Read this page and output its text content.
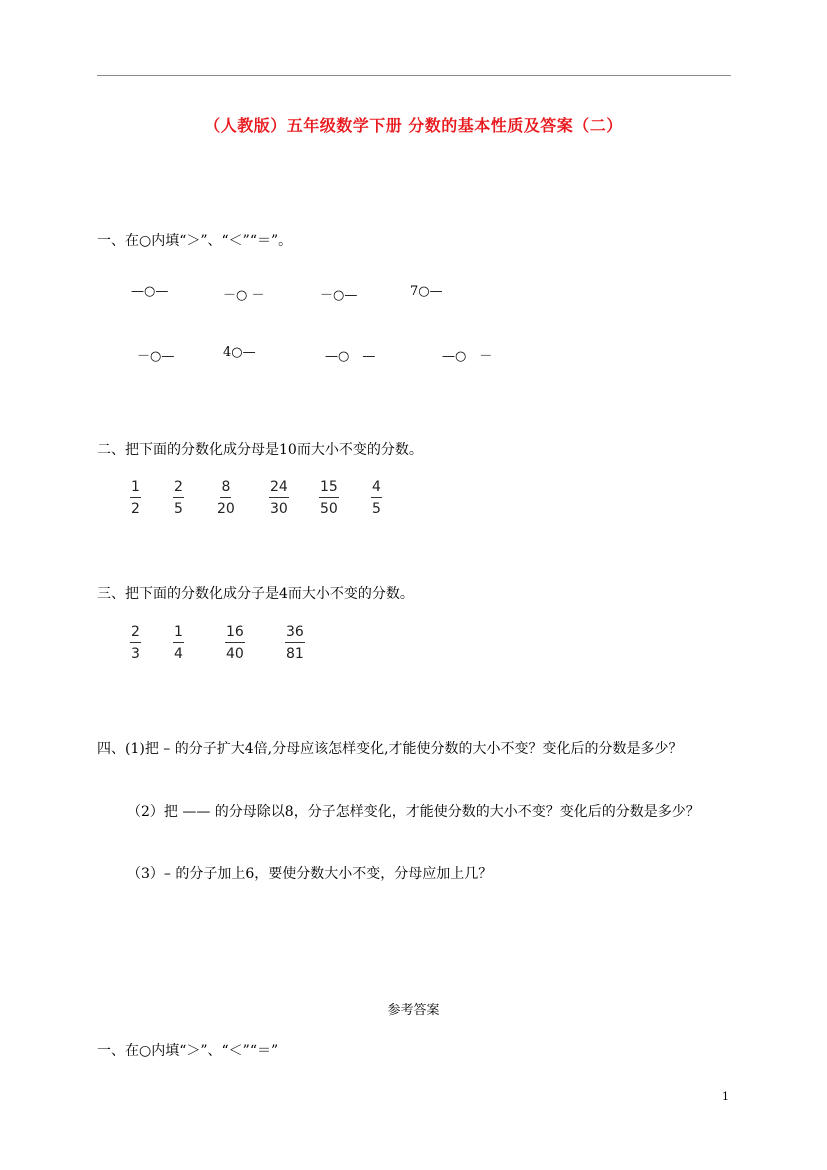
（人教版）五年级数学下册 分数的基本性质及答案（二）
一、在○内填“＞”、“＜”“＝”。
—○—	－○ －	－○—	7○—
－○—	4○—	—○　—	—○　－
二、把下面的分数化成分母是10而大小不变的分数。
$\frac{1}{2} \frac{2}{5} \frac{8}{20} \frac{24}{30} \frac{15}{50} \frac{4}{5}$
三、把下面的分数化成分子是4而大小不变的分数。
$\frac{2}{3} \frac{1}{4}$	$\frac{16}{40}$	$\frac{36}{81}$
四、(1)把 – 的分子扩大4倍,分母应该怎样变化,才能使分数的大小不变？变化后的分数是多少？
（2）把 —— 的分母除以8，分子怎样变化，才能使分数的大小不变？变化后的分数是多少？
（3）– 的分子加上6，要使分数大小不变，分母应加上几？
参考答案
一、在○内填“＞”、“＜”“＝”
1
